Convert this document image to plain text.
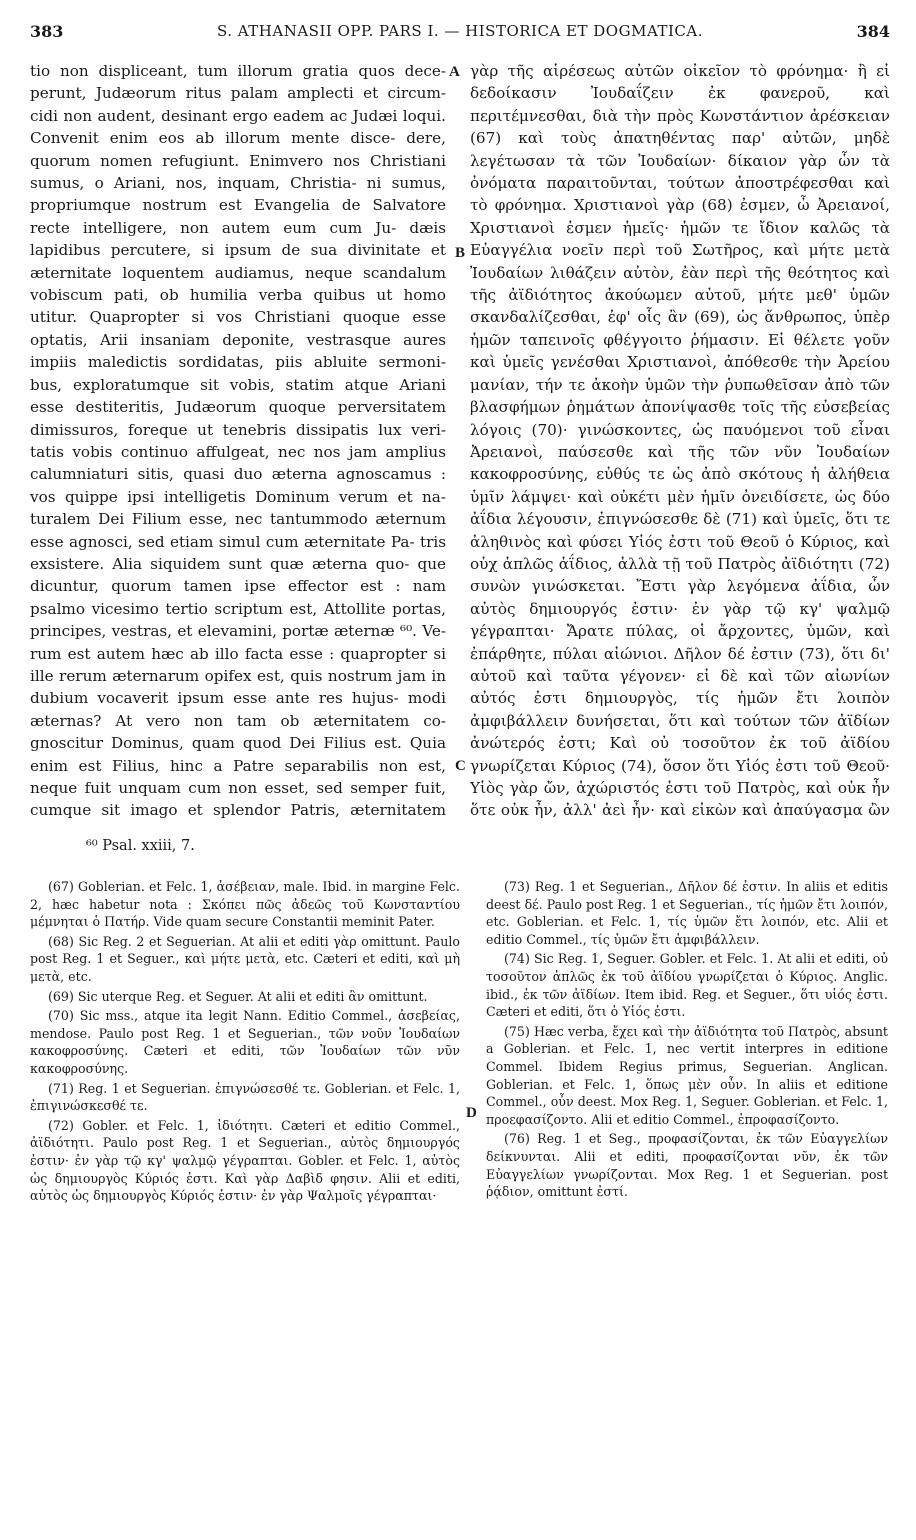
383	S. ATHANASII OPP. PARS I. — HISTORICA ET DOGMATICA.	384

tio non displiceant, tum illorum gratia quos dece- perunt, Judæorum ritus palam amplecti et circum- cidi non audent, desinant ergo eadem ac Judæi loqui. Convenit enim eos ab illorum mente disce- dere, quorum nomen refugiunt. Enimvero nos Christiani sumus, o Ariani, nos, inquam, Christia- ni sumus, propriumque nostrum est Evangelia de Salvatore recte intelligere, non autem eum cum Ju- dæis lapidibus percutere, si ipsum de sua divinitate et æternitate loquentem audiamus, neque scandalum vobiscum pati, ob humilia verba quibus ut homo utitur. Quapropter si vos Christiani quoque esse optatis, Arii insaniam deponite, vestrasque aures impiis maledictis sordidatas, piis abluite sermoni- bus, exploratumque sit vobis, statim atque Ariani esse destiteritis, Judæorum quoque perversitatem dimissuros, foreque ut tenebris dissipatis lux veri- tatis vobis continuo affulgeat, nec nos jam amplius calumniaturi sitis, quasi duo æterna agnoscamus : vos quippe ipsi intelligetis Dominum verum et na- turalem Dei Filium esse, nec tantummodo æternum esse agnosci, sed etiam simul cum æternitate Pa- tris exsistere. Alia siquidem sunt quæ æterna quo- que dicuntur, quorum tamen ipse effector est : nam psalmo vicesimo tertio scriptum est, Attollite portas, principes, vestras, et elevamini, portæ æternæ ⁶⁰. Ve- rum est autem hæc ab illo facta esse : quapropter si ille rerum æternarum opifex est, quis nostrum jam in dubium vocaverit ipsum esse ante res hujus- modi æternas? At vero non tam ob æternitatem co- gnoscitur Dominus, quam quod Dei Filius est. Quia enim est Filius, hinc a Patre separabilis non est, neque fuit unquam cum non esset, sed semper fuit, cumque sit imago et splendor Patris, æternitatem

A
B
C
D

γὰρ τῆς αἱρέσεως αὐτῶν οἰκεῖον τὸ φρόνημα· ἢ εἰ δεδοίκασιν Ἰουδαΐζειν ἐκ φανεροῦ, καὶ περιτέμνεσθαι, διὰ τὴν πρὸς Κωνστάντιον ἀρέσκειαν (67) καὶ τοὺς ἀπατηθέντας παρ' αὐτῶν, μηδὲ λεγέτωσαν τὰ τῶν Ἰουδαίων· δίκαιον γὰρ ὧν τὰ ὀνόματα παραιτοῦνται, τούτων ἀποστρέφεσθαι καὶ τὸ φρόνημα. Χριστιανοὶ γὰρ (68) ἐσμεν, ὦ Ἀρειανοί, Χριστιανοὶ ἐσμεν ἡμεῖς· ἡμῶν τε ἴδιον καλῶς τὰ Εὐαγγέλια νοεῖν περὶ τοῦ Σωτῆρος, καὶ μήτε μετὰ Ἰουδαίων λιθάζειν αὐτὸν, ἐὰν περὶ τῆς θεότητος καὶ τῆς ἀϊδιότητος ἀκούωμεν αὐτοῦ, μήτε μεθ' ὑμῶν σκανδαλίζεσθαι, ἐφ' οἷς ἂν (69), ὡς ἄνθρωπος, ὑπὲρ ἡμῶν ταπεινοῖς φθέγγοιτο ῥήμασιν. Εἰ θέλετε γοῦν καὶ ὑμεῖς γενέσθαι Χριστιανοὶ, ἀπόθεσθε τὴν Ἀρείου μανίαν, τήν τε ἀκοὴν ὑμῶν τὴν ῥυπωθεῖσαν ἀπὸ τῶν βλασφήμων ῥημάτων ἀπονίψασθε τοῖς τῆς εὐσεβείας λόγοις (70)· γινώσκοντες, ὡς παυόμενοι τοῦ εἶναι Ἀρειανοὶ, παύσεσθε καὶ τῆς τῶν νῦν Ἰουδαίων κακοφροσύνης, εὐθύς τε ὡς ἀπὸ σκότους ἡ ἀλήθεια ὑμῖν λάμψει· καὶ οὐκέτι μὲν ἡμῖν ὀνειδίσετε, ὡς δύο ἀΐδια λέγουσιν, ἐπιγνώσεσθε δὲ (71) καὶ ὑμεῖς, ὅτι τε ἀληθινὸς καὶ φύσει Υἱός ἐστι τοῦ Θεοῦ ὁ Κύριος, καὶ οὐχ ἁπλῶς ἀΐδιος, ἀλλὰ τῇ τοῦ Πατρὸς ἀϊδιότητι (72) συνὼν γινώσκεται. Ἔστι γὰρ λεγόμενα ἀΐδια, ὧν αὐτὸς δημιουργός ἐστιν· ἐν γὰρ τῷ κγ' ψαλμῷ γέγραπται· Ἄρατε πύλας, οἱ ἄρχοντες, ὑμῶν, καὶ ἐπάρθητε, πύλαι αἰώνιοι. Δῆλον δέ ἐστιν (73), ὅτι δι' αὐτοῦ καὶ ταῦτα γέγονεν· εἰ δὲ καὶ τῶν αἰωνίων αὐτός ἐστι δημιουργὸς, τίς ἡμῶν ἔτι λοιπὸν ἀμφιβάλλειν δυνήσεται, ὅτι καὶ τούτων τῶν ἀϊδίων ἀνώτερός ἐστι; Καὶ οὐ τοσοῦτον ἐκ τοῦ ἀϊδίου γνωρίζεται Κύριος (74), ὅσον ὅτι Υἱός ἐστι τοῦ Θεοῦ· Υἱὸς γὰρ ὤν, ἀχώριστός ἐστι τοῦ Πατρὸς, καὶ οὐκ ἦν ὅτε οὐκ ἦν, ἀλλ' ἀεὶ ἦν· καὶ εἰκὼν καὶ ἀπαύγασμα ὢν

⁶⁰ Psal. xxiii, 7.

(67) Goblerian. et Felc. 1, ἀσέβειαν, male. Ibid. in margine Felc. 2, hæc habetur nota : Σκόπει πῶς ἀδεῶς τοῦ Κωνσταντίου μέμνηται ὁ Πατήρ. Vide quam secure Constantii meminit Pater.

(68) Sic Reg. 2 et Seguerian. At alii et editi γὰρ omittunt. Paulo post Reg. 1 et Seguer., καὶ μήτε μετὰ, etc. Cæteri et editi, καὶ μὴ μετὰ, etc.

(69) Sic uterque Reg. et Seguer. At alii et editi ἂν omittunt.

(70) Sic mss., atque ita legit Nann. Editio Commel., ἀσεβείας, mendose. Paulo post Reg. 1 et Seguerian., τῶν νοῦν Ἰουδαίων κακοφροσύνης. Cæteri et editi, τῶν Ἰουδαίων τῶν νῦν κακοφροσύνης.

(71) Reg. 1 et Seguerian. ἐπιγνώσεσθέ τε. Goblerian. et Felc. 1, ἐπιγινώσκεσθέ τε.

(72) Gobler. et Felc. 1, ἰδιότητι. Cæteri et editio Commel., ἀϊδιότητι. Paulo post Reg. 1 et Seguerian., αὐτὸς δημιουργός ἐστιν· ἐν γὰρ τῷ κγ' ψαλμῷ γέγραπται. Gobler. et Felc. 1, αὐτὸς ὡς δημιουργὸς Κύριός ἐστι. Καὶ γὰρ Δαβὶδ φησιν. Alii et editi, αὐτὸς ὡς δημιουργὸς Κύριός ἐστιν· ἐν γὰρ Ψαλμοῖς γέγραπται·

(73) Reg. 1 et Seguerian., Δῆλον δέ ἐστιν. In aliis et editis deest δέ. Paulo post Reg. 1 et Seguerian., τίς ἡμῶν ἔτι λοιπόν, etc. Goblerian. et Felc. 1, τίς ὑμῶν ἔτι λοιπόν, etc. Alii et editio Commel., τίς ὑμῶν ἔτι ἀμφιβάλλειν.

(74) Sic Reg. 1, Seguer. Gobler. et Felc. 1. At alii et editi, οὐ τοσοῦτον ἁπλῶς ἐκ τοῦ ἀϊδίου γνωρίζεται ὁ Κύριος. Anglic. ibid., ἐκ τῶν ἀϊδίων. Item ibid. Reg. et Seguer., ὅτι υἱός ἐστι. Cæteri et editi, ὅτι ὁ Υἱός ἐστι.

(75) Hæc verba, ἔχει καὶ τὴν ἀϊδιότητα τοῦ Πατρὸς, absunt a Goblerian. et Felc. 1, nec vertit interpres in editione Commel. Ibidem Regius primus, Seguerian. Anglican. Goblerian. et Felc. 1, ὅπως μὲν οὖν. In aliis et editione Commel., οὖν deest. Mox Reg. 1, Seguer. Goblerian. et Felc. 1, προεφασίζοντο. Alii et editio Commel., ἐπροφασίζοντο.

(76) Reg. 1 et Seg., προφασίζονται, ἐκ τῶν Εὐαγγελίων δείκνυνται. Alii et editi, προφασίζονται νῦν, ἐκ τῶν Εὐαγγελίων γνωρίζονται. Mox Reg. 1 et Seguerian. post ῥᾴδιον, omittunt ἐστί.
